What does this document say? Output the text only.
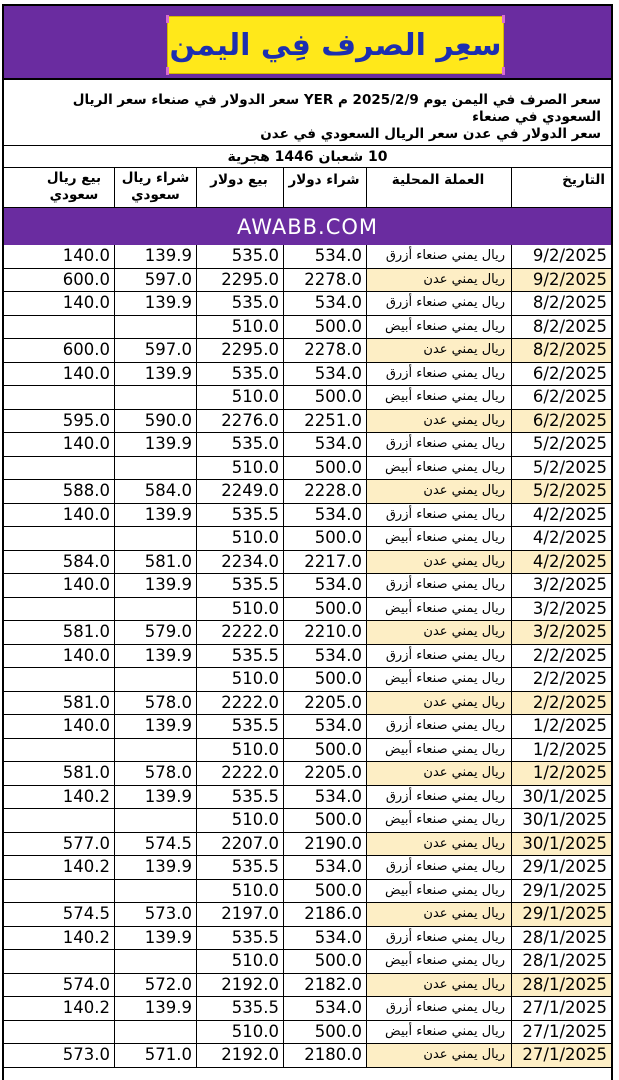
سعِر الصرف فِي اليمن
سعر الصرف في اليمن يوم 2025/2/9 م YER سعر الدولار في صنعاء سعر الريال السعودي في صنعاء
سعر الدولار في عدن سعر الريال السعودي في عدن
10 شعبان 1446 هجرية
التاريخ
العملة المحلية
شراء دولار
بيع دولار
شراء ريال سعودي
بيع ريال سعودي
AWABB.COM
9/2/2025
ريال يمني صنعاء أزرق
534.0
535.0
139.9
140.0
9/2/2025
ريال يمني عدن
2278.0
2295.0
597.0
600.0
8/2/2025
ريال يمني صنعاء أزرق
534.0
535.0
139.9
140.0
8/2/2025
ريال يمني صنعاء أبيض
500.0
510.0
8/2/2025
ريال يمني عدن
2278.0
2295.0
597.0
600.0
6/2/2025
ريال يمني صنعاء أزرق
534.0
535.0
139.9
140.0
6/2/2025
ريال يمني صنعاء أبيض
500.0
510.0
6/2/2025
ريال يمني عدن
2251.0
2276.0
590.0
595.0
5/2/2025
ريال يمني صنعاء أزرق
534.0
535.0
139.9
140.0
5/2/2025
ريال يمني صنعاء أبيض
500.0
510.0
5/2/2025
ريال يمني عدن
2228.0
2249.0
584.0
588.0
4/2/2025
ريال يمني صنعاء أزرق
534.0
535.5
139.9
140.0
4/2/2025
ريال يمني صنعاء أبيض
500.0
510.0
4/2/2025
ريال يمني عدن
2217.0
2234.0
581.0
584.0
3/2/2025
ريال يمني صنعاء أزرق
534.0
535.5
139.9
140.0
3/2/2025
ريال يمني صنعاء أبيض
500.0
510.0
3/2/2025
ريال يمني عدن
2210.0
2222.0
579.0
581.0
2/2/2025
ريال يمني صنعاء أزرق
534.0
535.5
139.9
140.0
2/2/2025
ريال يمني صنعاء أبيض
500.0
510.0
2/2/2025
ريال يمني عدن
2205.0
2222.0
578.0
581.0
1/2/2025
ريال يمني صنعاء أزرق
534.0
535.5
139.9
140.0
1/2/2025
ريال يمني صنعاء أبيض
500.0
510.0
1/2/2025
ريال يمني عدن
2205.0
2222.0
578.0
581.0
30/1/2025
ريال يمني صنعاء أزرق
534.0
535.5
139.9
140.2
30/1/2025
ريال يمني صنعاء أبيض
500.0
510.0
30/1/2025
ريال يمني عدن
2190.0
2207.0
574.5
577.0
29/1/2025
ريال يمني صنعاء أزرق
534.0
535.5
139.9
140.2
29/1/2025
ريال يمني صنعاء أبيض
500.0
510.0
29/1/2025
ريال يمني عدن
2186.0
2197.0
573.0
574.5
28/1/2025
ريال يمني صنعاء أزرق
534.0
535.5
139.9
140.2
28/1/2025
ريال يمني صنعاء أبيض
500.0
510.0
28/1/2025
ريال يمني عدن
2182.0
2192.0
572.0
574.0
27/1/2025
ريال يمني صنعاء أزرق
534.0
535.5
139.9
140.2
27/1/2025
ريال يمني صنعاء أبيض
500.0
510.0
27/1/2025
ريال يمني عدن
2180.0
2192.0
571.0
573.0
